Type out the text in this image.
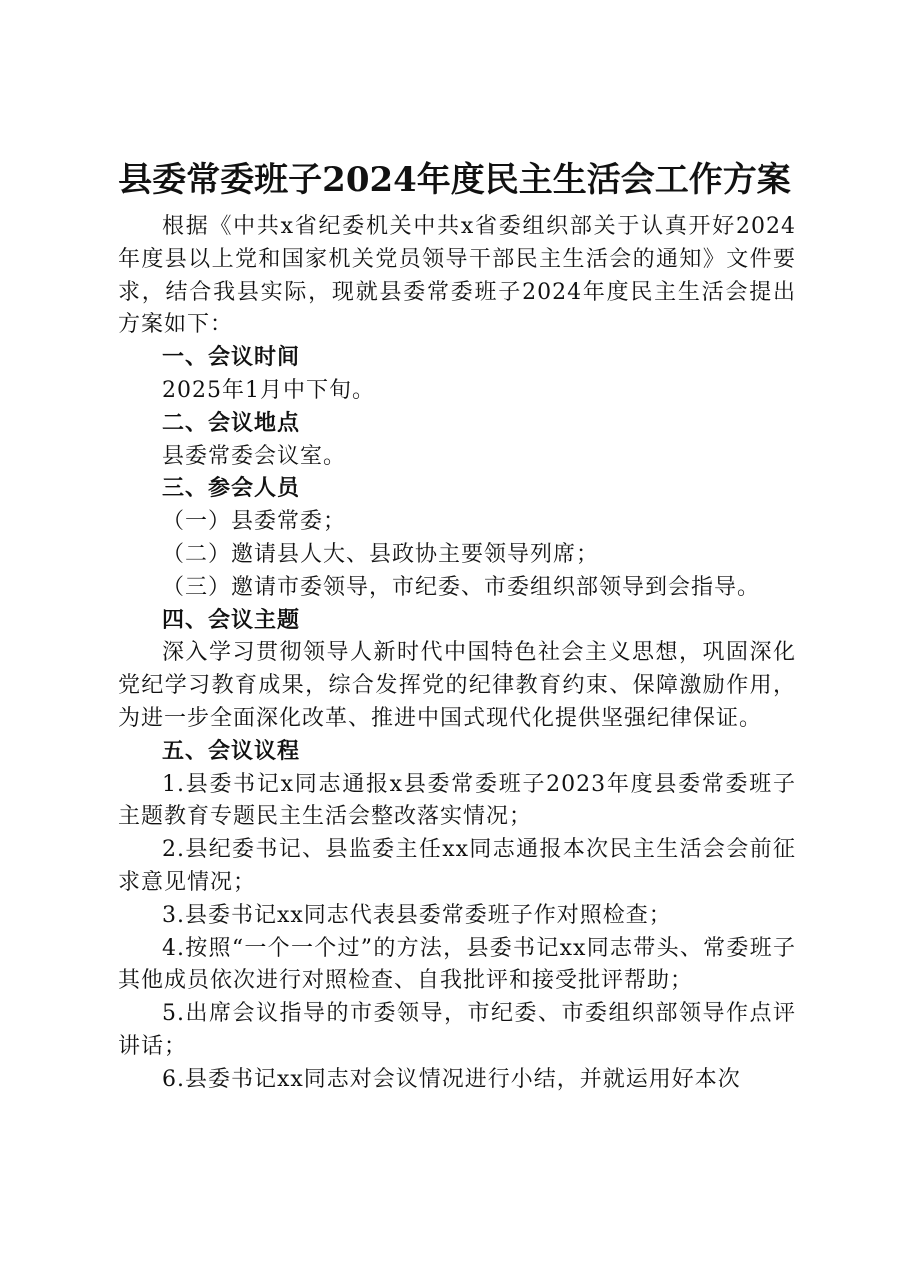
县委常委班子2024年度民主生活会工作方案

根据《中共x省纪委机关中共x省委组织部关于认真开好2024年度县以上党和国家机关党员领导干部民主生活会的通知》文件要求，结合我县实际，现就县委常委班子2024年度民主生活会提出方案如下：

一、会议时间

2025年1月中下旬。

二、会议地点

县委常委会议室。

三、参会人员

（一）县委常委；

（二）邀请县人大、县政协主要领导列席；

（三）邀请市委领导，市纪委、市委组织部领导到会指导。

四、会议主题

深入学习贯彻领导人新时代中国特色社会主义思想，巩固深化党纪学习教育成果，综合发挥党的纪律教育约束、保障激励作用，为进一步全面深化改革、推进中国式现代化提供坚强纪律保证。

五、会议议程

1.县委书记x同志通报x县委常委班子2023年度县委常委班子主题教育专题民主生活会整改落实情况；

2.县纪委书记、县监委主任xx同志通报本次民主生活会会前征求意见情况；

3.县委书记xx同志代表县委常委班子作对照检查；

4.按照“一个一个过”的方法，县委书记xx同志带头、常委班子其他成员依次进行对照检查、自我批评和接受批评帮助；

5.出席会议指导的市委领导，市纪委、市委组织部领导作点评讲话；

6.县委书记xx同志对会议情况进行小结，并就运用好本次
